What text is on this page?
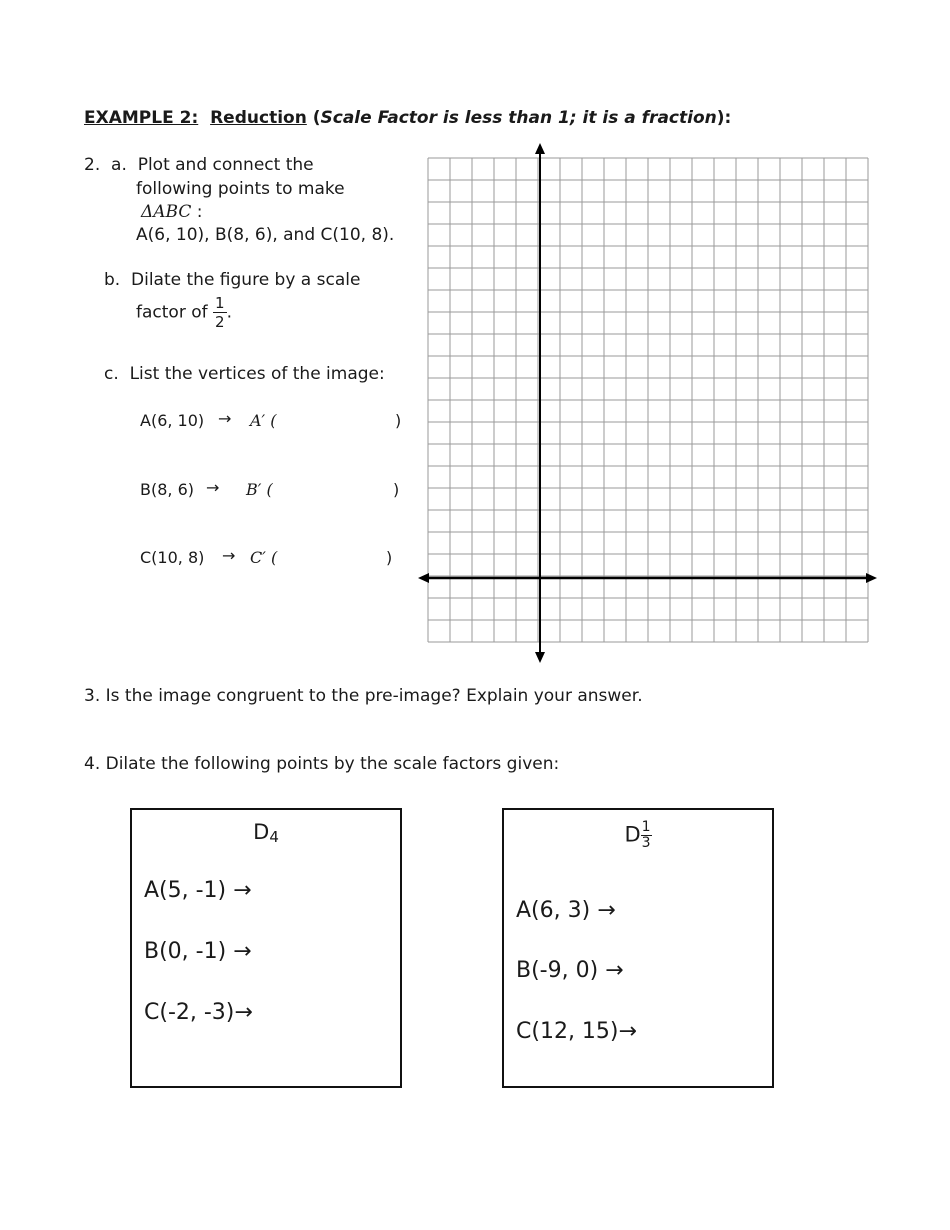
EXAMPLE 2: Reduction (Scale Factor is less than 1; it is a fraction):
2. a. Plot and connect the
following points to make
ΔABC :
A(6, 10), B(8, 6), and C(10, 8).
b. Dilate the figure by a scale
factor of $\frac{1}{2}$ .
c. List the vertices of the image:
A(6, 10) → A′ (	)
B(8, 6) → B′ (	)
C(10, 8) → C′ (	)
3. Is the image congruent to the pre-image? Explain your answer.
4. Dilate the following points by the scale factors given:
$D_4$
A(5, -1) →
B(0, -1) →
C(-2, -3)→
D $\frac{1}{3}$
A(6, 3) →
B(-9, 0) →
C(12, 15)→
